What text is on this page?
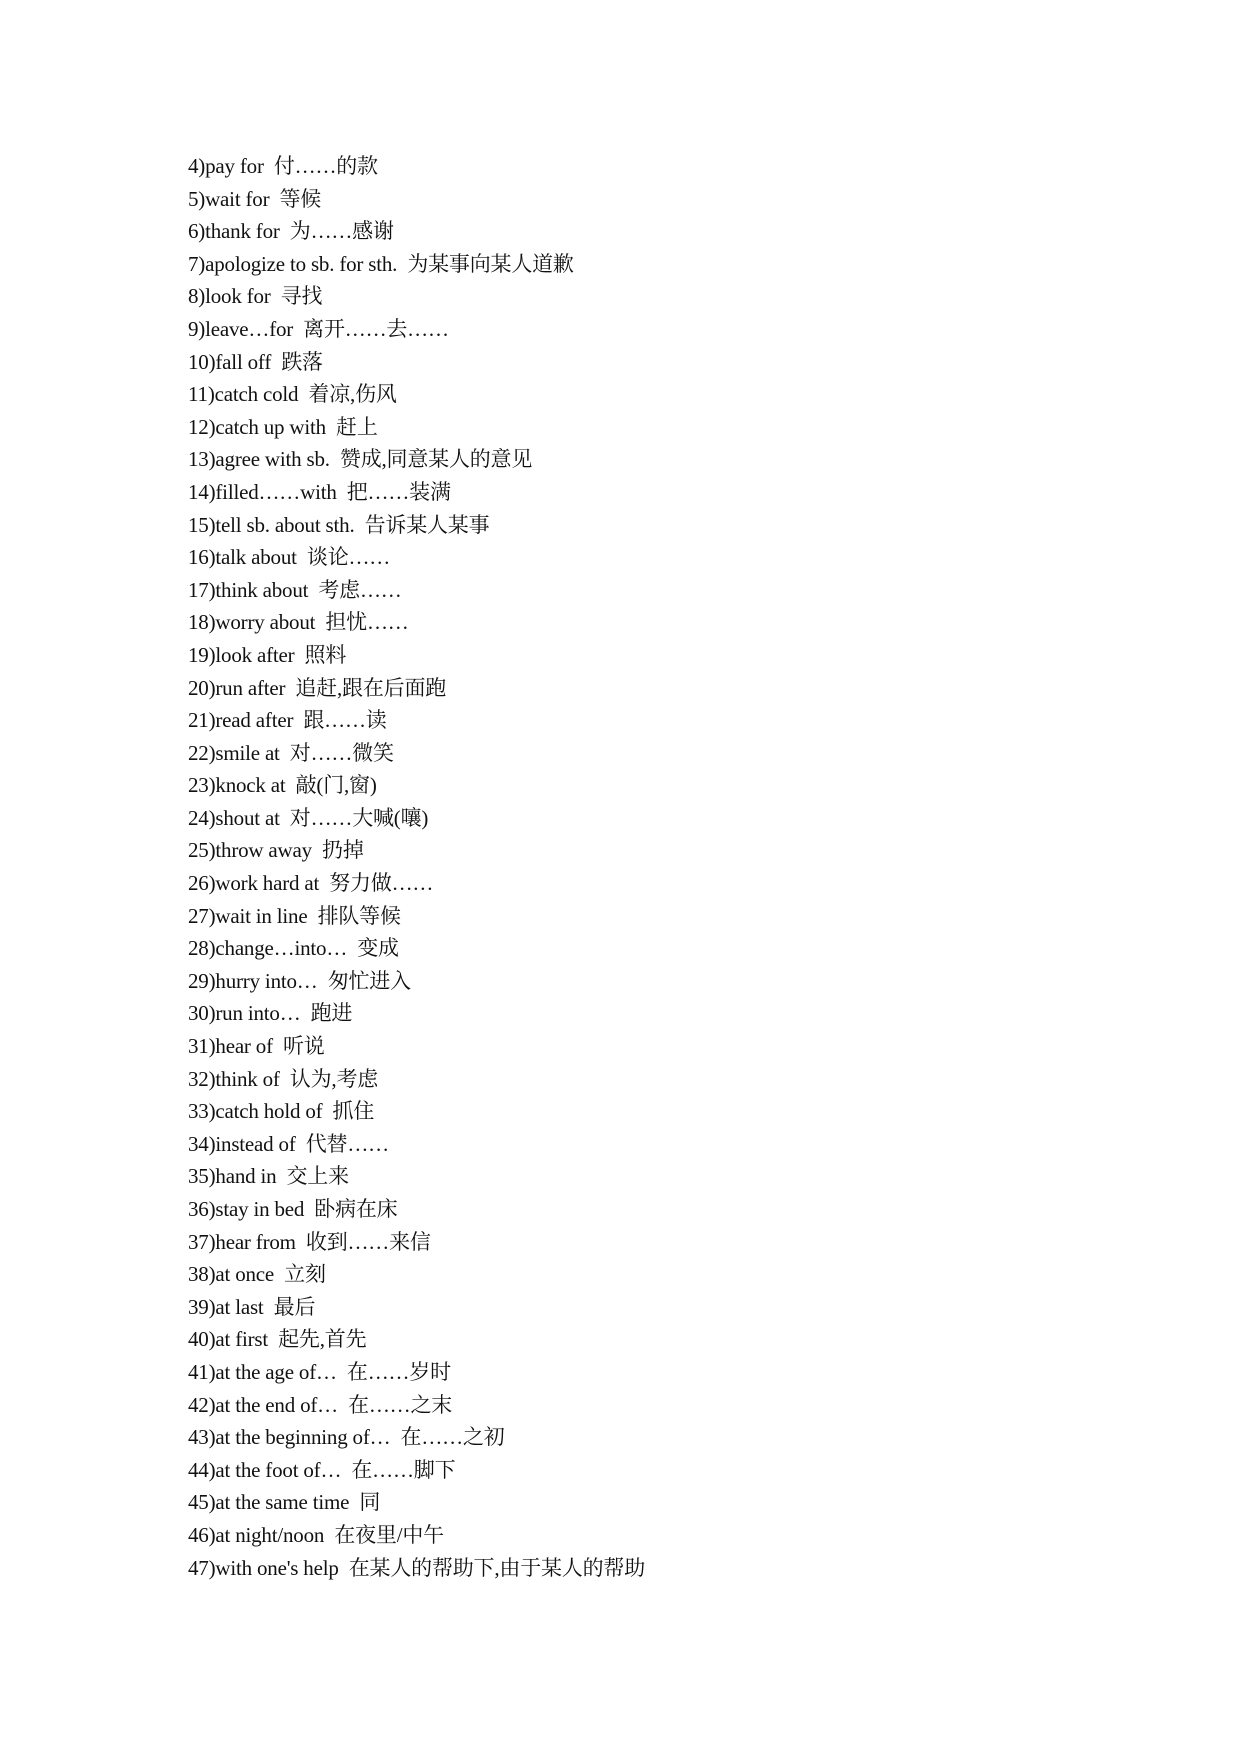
4)pay for  付……的款
5)wait for  等候
6)thank for  为……感谢
7)apologize to sb. for sth.  为某事向某人道歉
8)look for  寻找
9)leave…for  离开……去……
10)fall off  跌落
11)catch cold  着凉,伤风
12)catch up with  赶上
13)agree with sb.  赞成,同意某人的意见
14)filled……with  把……装满
15)tell sb. about sth.  告诉某人某事
16)talk about  谈论……
17)think about  考虑……
18)worry about  担忧……
19)look after  照料
20)run after  追赶,跟在后面跑
21)read after  跟……读
22)smile at  对……微笑
23)knock at  敲(门,窗)
24)shout at  对……大喊(嚷)
25)throw away  扔掉
26)work hard at  努力做……
27)wait in line  排队等候
28)change…into…  变成
29)hurry into…  匆忙进入
30)run into…  跑进
31)hear of  听说
32)think of  认为,考虑
33)catch hold of  抓住
34)instead of  代替……
35)hand in  交上来
36)stay in bed  卧病在床
37)hear from  收到……来信
38)at once  立刻
39)at last  最后
40)at first  起先,首先
41)at the age of…  在……岁时
42)at the end of…  在……之末
43)at the beginning of…  在……之初
44)at the foot of…  在……脚下
45)at the same time  同
46)at night/noon  在夜里/中午
47)with one's help  在某人的帮助下,由于某人的帮助
